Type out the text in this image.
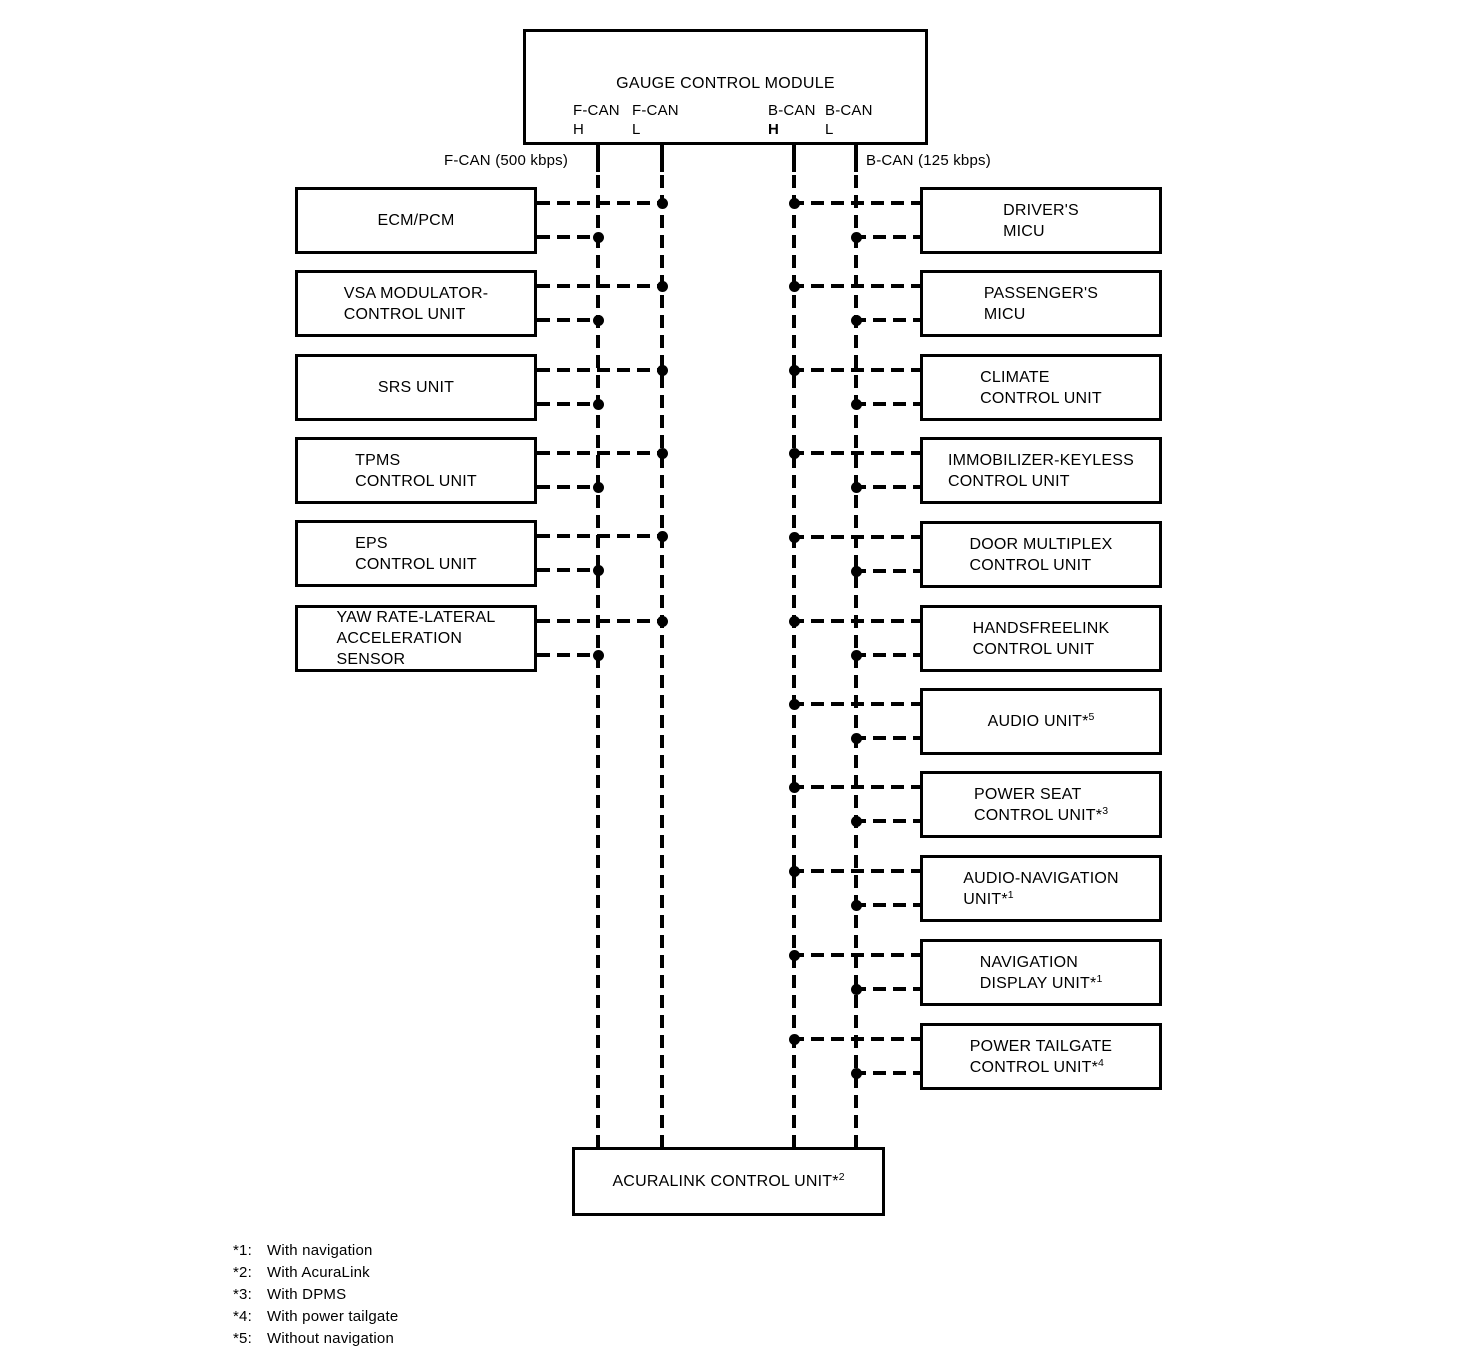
GAUGE CONTROL MODULE
F-CAN
H
F-CAN
L
B-CAN
H
B-CAN
L
F-CAN (500 kbps)	B-CAN (125 kbps)
ECM/PCM
VSA MODULATOR-
CONTROL UNIT
SRS UNIT
TPMS
CONTROL UNIT
EPS
CONTROL UNIT
YAW RATE-LATERAL
ACCELERATION
SENSOR
DRIVER'S
MICU
PASSENGER'S
MICU
CLIMATE
CONTROL UNIT
IMMOBILIZER-KEYLESS
CONTROL UNIT
DOOR MULTIPLEX
CONTROL UNIT
HANDSFREELINK
CONTROL UNIT
AUDIO UNIT*$^5$
POWER SEAT
CONTROL UNIT*$^3$
AUDIO-NAVIGATION
UNIT*$^1$
NAVIGATION
DISPLAY UNIT*$^1$
POWER TAILGATE
CONTROL UNIT*$^4$
ACURALINK CONTROL UNIT*$^2$
*1: With navigation
*2: With AcuraLink
*3: With DPMS
*4: With power tailgate
*5: Without navigation
